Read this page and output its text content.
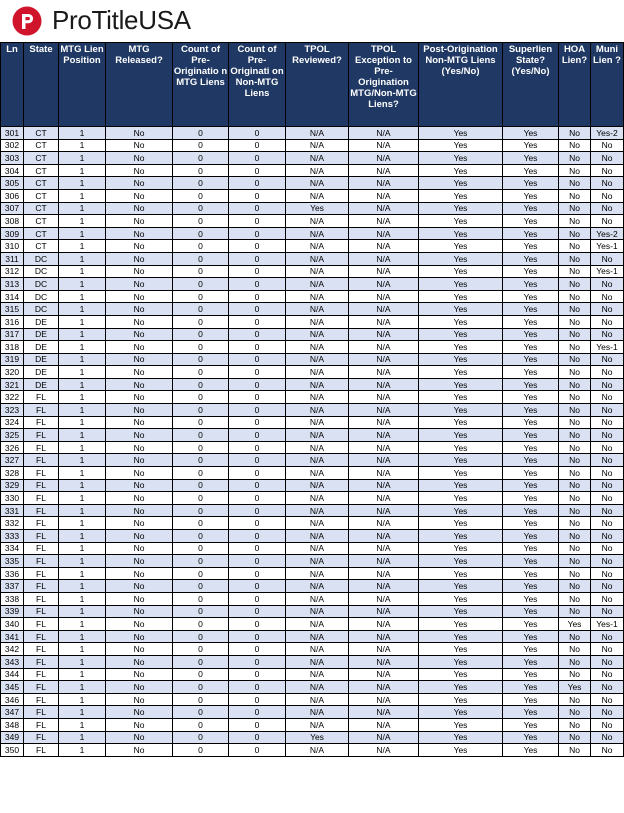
ProTitleUSA
Ln	State	MTG Lien Position	MTG Released?	Count of Pre-Originatio n MTG Liens	Count of Pre-Originati on Non-MTG Liens	TPOL Reviewed?	TPOL Exception to Pre-Origination MTG/Non-MTG Liens?	Post-Origination Non-MTG Liens (Yes/No)	Superlien State? (Yes/No)	HOA Lien?	Muni Lien ?
301	CT	1	No	0	0	N/A	N/A	Yes	Yes	No	Yes-2
302	CT	1	No	0	0	N/A	N/A	Yes	Yes	No	No
303	CT	1	No	0	0	N/A	N/A	Yes	Yes	No	No
304	CT	1	No	0	0	N/A	N/A	Yes	Yes	No	No
305	CT	1	No	0	0	N/A	N/A	Yes	Yes	No	No
306	CT	1	No	0	0	N/A	N/A	Yes	Yes	No	No
307	CT	1	No	0	0	Yes	N/A	Yes	Yes	No	No
308	CT	1	No	0	0	N/A	N/A	Yes	Yes	No	No
309	CT	1	No	0	0	N/A	N/A	Yes	Yes	No	Yes-2
310	CT	1	No	0	0	N/A	N/A	Yes	Yes	No	Yes-1
311	DC	1	No	0	0	N/A	N/A	Yes	Yes	No	No
312	DC	1	No	0	0	N/A	N/A	Yes	Yes	No	Yes-1
313	DC	1	No	0	0	N/A	N/A	Yes	Yes	No	No
314	DC	1	No	0	0	N/A	N/A	Yes	Yes	No	No
315	DC	1	No	0	0	N/A	N/A	Yes	Yes	No	No
316	DE	1	No	0	0	N/A	N/A	Yes	Yes	No	No
317	DE	1	No	0	0	N/A	N/A	Yes	Yes	No	No
318	DE	1	No	0	0	N/A	N/A	Yes	Yes	No	Yes-1
319	DE	1	No	0	0	N/A	N/A	Yes	Yes	No	No
320	DE	1	No	0	0	N/A	N/A	Yes	Yes	No	No
321	DE	1	No	0	0	N/A	N/A	Yes	Yes	No	No
322	FL	1	No	0	0	N/A	N/A	Yes	Yes	No	No
323	FL	1	No	0	0	N/A	N/A	Yes	Yes	No	No
324	FL	1	No	0	0	N/A	N/A	Yes	Yes	No	No
325	FL	1	No	0	0	N/A	N/A	Yes	Yes	No	No
326	FL	1	No	0	0	N/A	N/A	Yes	Yes	No	No
327	FL	1	No	0	0	N/A	N/A	Yes	Yes	No	No
328	FL	1	No	0	0	N/A	N/A	Yes	Yes	No	No
329	FL	1	No	0	0	N/A	N/A	Yes	Yes	No	No
330	FL	1	No	0	0	N/A	N/A	Yes	Yes	No	No
331	FL	1	No	0	0	N/A	N/A	Yes	Yes	No	No
332	FL	1	No	0	0	N/A	N/A	Yes	Yes	No	No
333	FL	1	No	0	0	N/A	N/A	Yes	Yes	No	No
334	FL	1	No	0	0	N/A	N/A	Yes	Yes	No	No
335	FL	1	No	0	0	N/A	N/A	Yes	Yes	No	No
336	FL	1	No	0	0	N/A	N/A	Yes	Yes	No	No
337	FL	1	No	0	0	N/A	N/A	Yes	Yes	No	No
338	FL	1	No	0	0	N/A	N/A	Yes	Yes	No	No
339	FL	1	No	0	0	N/A	N/A	Yes	Yes	No	No
340	FL	1	No	0	0	N/A	N/A	Yes	Yes	Yes	Yes-1
341	FL	1	No	0	0	N/A	N/A	Yes	Yes	No	No
342	FL	1	No	0	0	N/A	N/A	Yes	Yes	No	No
343	FL	1	No	0	0	N/A	N/A	Yes	Yes	No	No
344	FL	1	No	0	0	N/A	N/A	Yes	Yes	No	No
345	FL	1	No	0	0	N/A	N/A	Yes	Yes	Yes	No
346	FL	1	No	0	0	N/A	N/A	Yes	Yes	No	No
347	FL	1	No	0	0	N/A	N/A	Yes	Yes	No	No
348	FL	1	No	0	0	N/A	N/A	Yes	Yes	No	No
349	FL	1	No	0	0	Yes	N/A	Yes	Yes	No	No
350	FL	1	No	0	0	N/A	N/A	Yes	Yes	No	No
